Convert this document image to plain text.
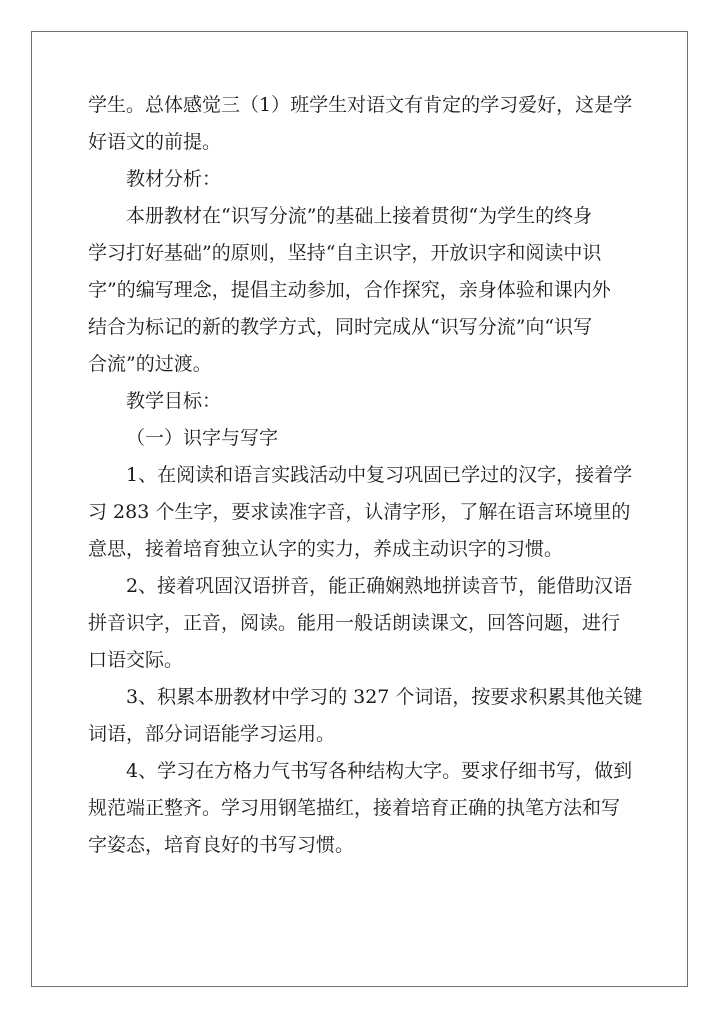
学生。总体感觉三（1）班学生对语文有肯定的学习爱好，这是学
好语文的前提。
教材分析：
本册教材在“识写分流”的基础上接着贯彻“为学生的终身
学习打好基础”的原则，坚持“自主识字，开放识字和阅读中识
字”的编写理念，提倡主动参加，合作探究，亲身体验和课内外
结合为标记的新的教学方式，同时完成从“识写分流”向“识写
合流”的过渡。
教学目标：
（一）识字与写字
1、在阅读和语言实践活动中复习巩固已学过的汉字，接着学
习 283 个生字，要求读准字音，认清字形，了解在语言环境里的
意思，接着培育独立认字的实力，养成主动识字的习惯。
2、接着巩固汉语拼音，能正确娴熟地拼读音节，能借助汉语
拼音识字，正音，阅读。能用一般话朗读课文，回答问题，进行
口语交际。
3、积累本册教材中学习的 327 个词语，按要求积累其他关键
词语，部分词语能学习运用。
4、学习在方格力气书写各种结构大字。要求仔细书写，做到
规范端正整齐。学习用钢笔描红，接着培育正确的执笔方法和写
字姿态，培育良好的书写习惯。
